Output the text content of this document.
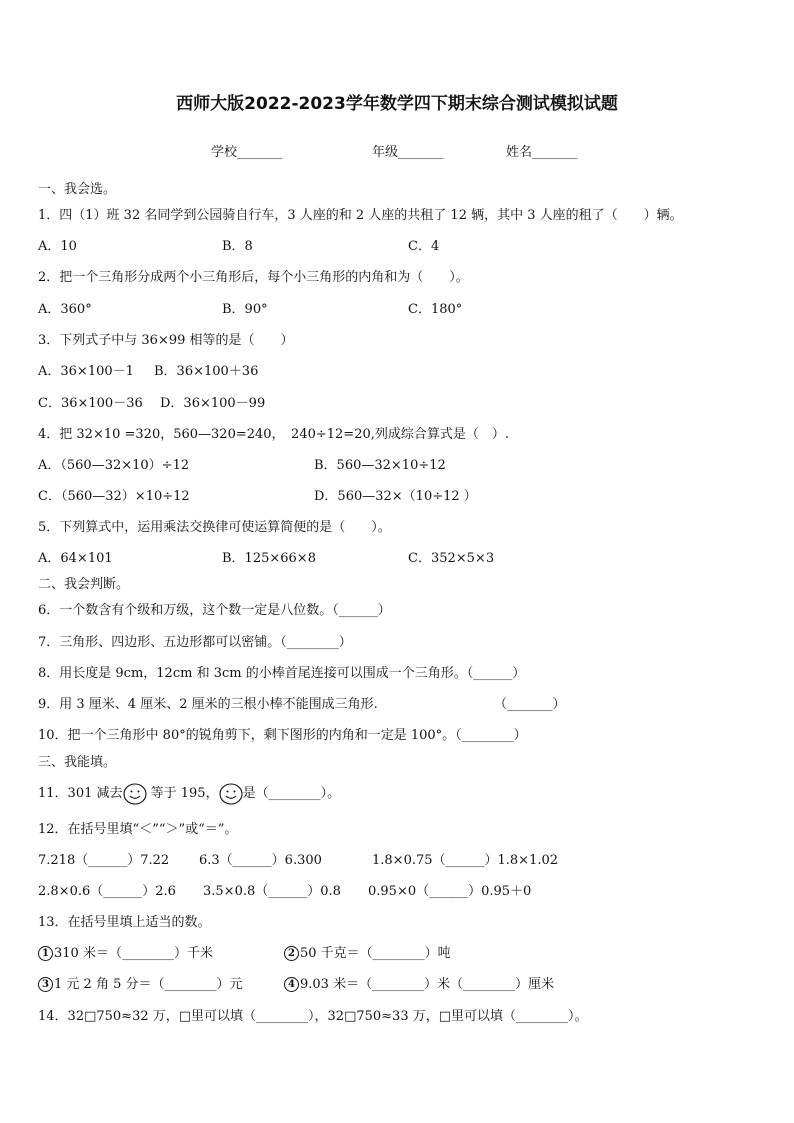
西师大版2022-2023学年数学四下期末综合测试模拟试题
学校_______	年级_______	姓名_______
一、我会选。
1．四（1）班 32 名同学到公园骑自行车，3 人座的和 2 人座的共租了 12 辆，其中 3 人座的租了（　　）辆。
A．10	B．8	C．4
2．把一个三角形分成两个小三角形后，每个小三角形的内角和为（　　）。
A．360°	B．90°	C．180°
3．下列式子中与 36×99 相等的是（　　）
A．36×100－1 B．36×100＋36
C．36×100－36 D．36×100－99
4．把 32×10 =320，560—320=240，　240÷12=20,列成综合算式是（　）.
A．（560—32×10）÷12	B．560—32×10÷12
C．（560—32）×10÷12	D．560—32×（10÷12 ）
5．下列算式中，运用乘法交换律可使运算简便的是（　　）。
A．64×101	B．125×66×8	C．352×5×3
二、我会判断。
6．一个数含有个级和万级，这个数一定是八位数。（______）
7．三角形、四边形、五边形都可以密铺。（________）
8．用长度是 9cm，12cm 和 3cm 的小棒首尾连接可以围成一个三角形。（______）
9．用 3 厘米、4 厘米、2 厘米的三根小棒不能围成三角形.	（_______）
10．把一个三角形中 80°的锐角剪下，剩下图形的内角和一定是 100°。（________）
三、我能填。
11．301 减去 等于 195， 是（________）。
12．在括号里填“＜”“＞”或“＝”。
7.218（______）7.22 6.3（______）6.300	1.8×0.75（______）1.8×1.02
2.8×0.6（______）2.6 3.5×0.8（______）0.8 0.95×0（______）0.95＋0
13．在括号里填上适当的数。
1 310 米＝（________）千米	2 50 千克＝（________）吨
3 1 元 2 角 5 分＝（________）元	4 9.03 米＝（________）米（________）厘米
14．32□750≈32 万，□里可以填（________），32□750≈33 万，□里可以填（________）。
